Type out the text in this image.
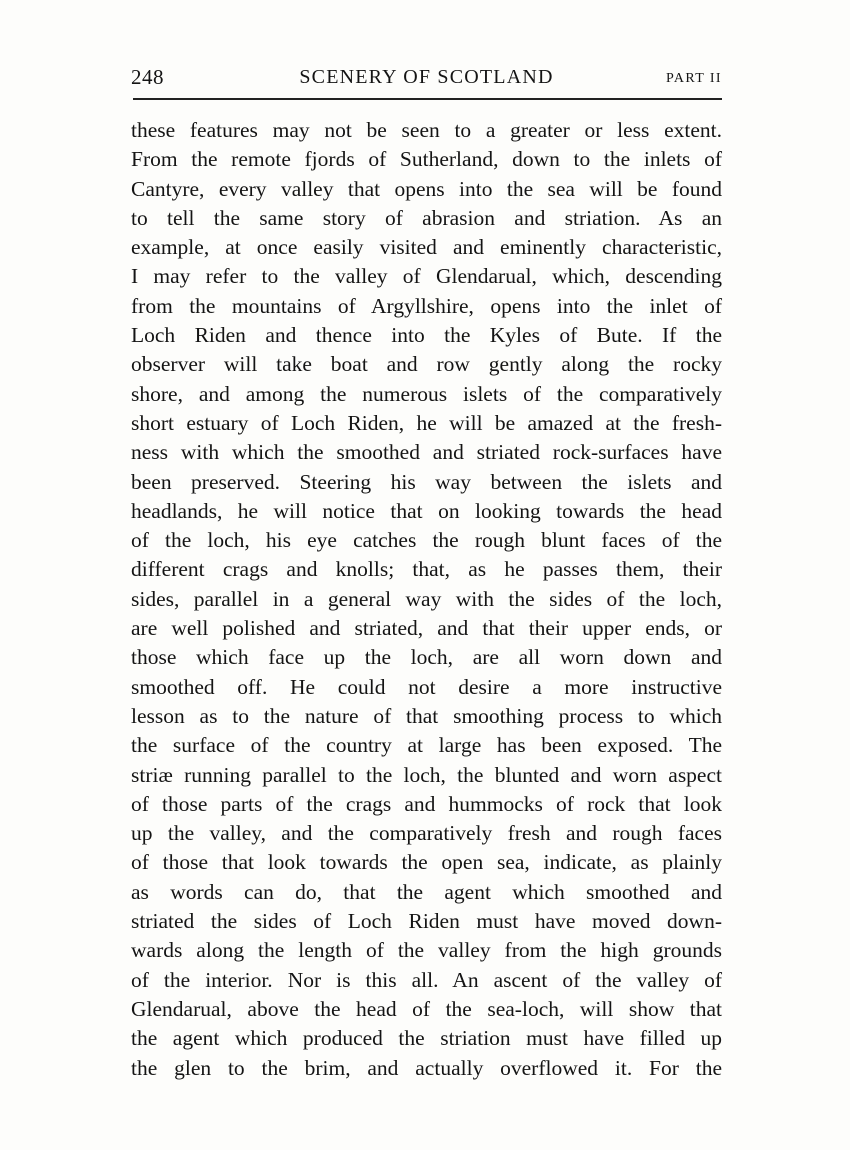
248	SCENERY OF SCOTLAND	PART II
these features may not be seen to a greater or less extent.
From the remote fjords of Sutherland, down to the inlets of
Cantyre, every valley that opens into the sea will be found
to tell the same story of abrasion and striation. As an
example, at once easily visited and eminently characteristic,
I may refer to the valley of Glendarual, which, descending
from the mountains of Argyllshire, opens into the inlet of
Loch Riden and thence into the Kyles of Bute. If the
observer will take boat and row gently along the rocky
shore, and among the numerous islets of the comparatively
short estuary of Loch Riden, he will be amazed at the fresh-
ness with which the smoothed and striated rock-surfaces have
been preserved. Steering his way between the islets and
headlands, he will notice that on looking towards the head
of the loch, his eye catches the rough blunt faces of the
different crags and knolls; that, as he passes them, their
sides, parallel in a general way with the sides of the loch,
are well polished and striated, and that their upper ends, or
those which face up the loch, are all worn down and
smoothed off. He could not desire a more instructive
lesson as to the nature of that smoothing process to which
the surface of the country at large has been exposed. The
striæ running parallel to the loch, the blunted and worn aspect
of those parts of the crags and hummocks of rock that look
up the valley, and the comparatively fresh and rough faces
of those that look towards the open sea, indicate, as plainly
as words can do, that the agent which smoothed and
striated the sides of Loch Riden must have moved down-
wards along the length of the valley from the high grounds
of the interior. Nor is this all. An ascent of the valley of
Glendarual, above the head of the sea-loch, will show that
the agent which produced the striation must have filled up
the glen to the brim, and actually overflowed it. For the
